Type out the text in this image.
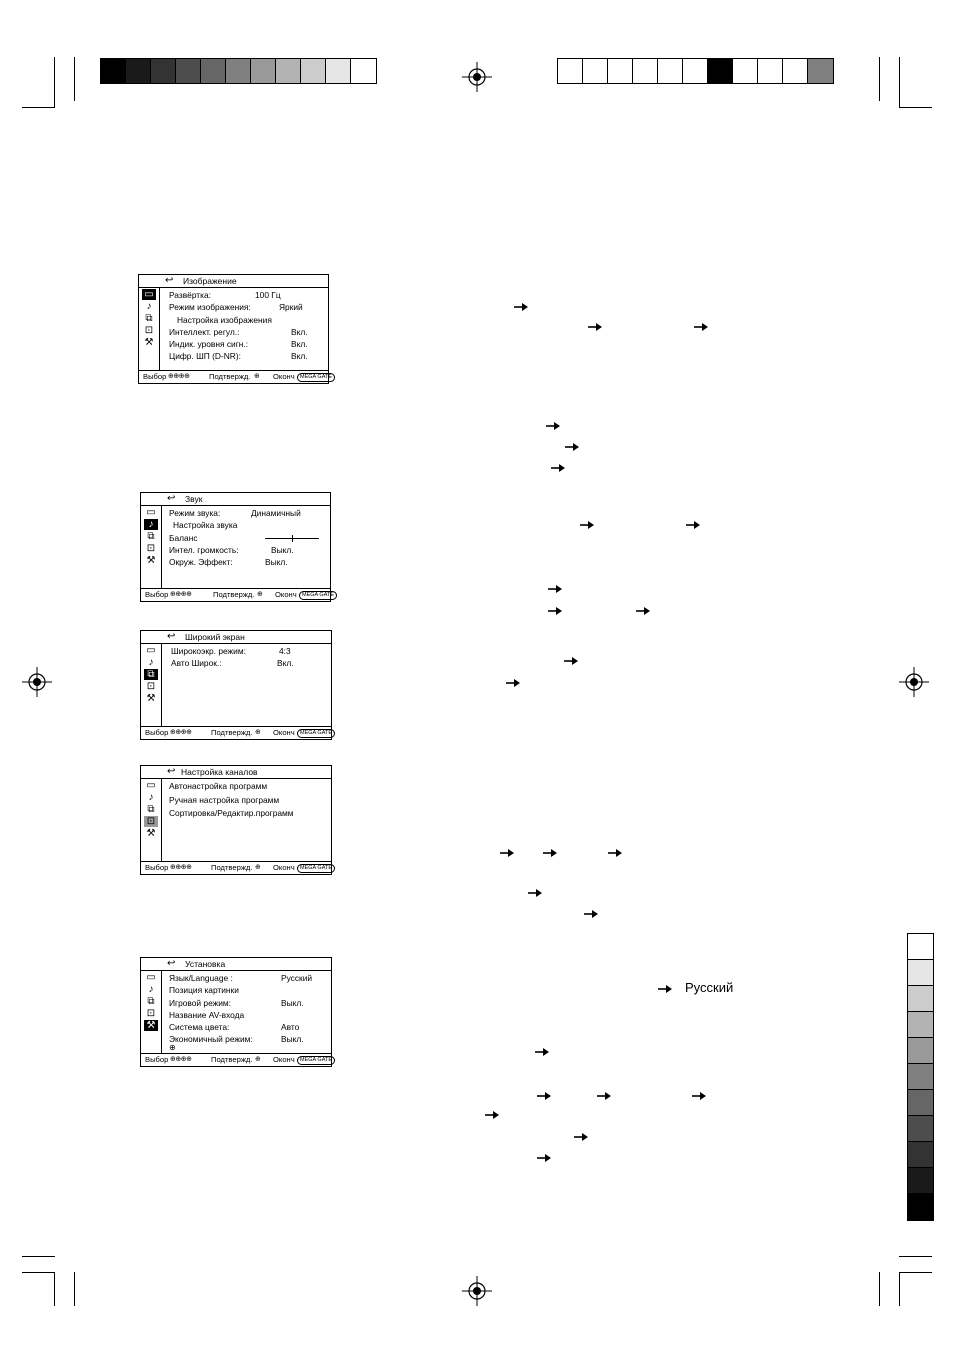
↩	Изображение
▭
♪
⧉
⊡
⚒
Развёртка:	100 Гц
Режим изображения:	Яркий
Настройка изображения
Интеллект. регул.:	Вкл.
Индик. уровня сигн.:	Вкл.
Цифр. ШП (D-NR):	Вкл.
Выбор ⊕⊕⊕⊕	Подтвержд. ⊕ Оконч MEGA GATE
↩	Звук
▭
♪
⧉
⊡
⚒
Режим звука:	Динамичный
Настройка звука
Баланс
Интел. громкость:	Выкл.
Окруж. Эффект:	Выкл.
Выбор ⊕⊕⊕⊕	Подтвержд. ⊕ Оконч MEGA GATE
↩	Широкий экран
▭
♪
⧉
⊡
⚒
Широкоэкр. режим:	4:3
Авто Широк.:	Вкл.
Выбор ⊕⊕⊕⊕	Подтвержд. ⊕ Оконч MEGA GATE
↩ Настройка каналов
▭
♪
⧉
⊡
⚒
Автонастройка программ
Ручная настройка программ
Сортировка/Редактир.программ
Выбор ⊕⊕⊕⊕	Подтвержд. ⊕ Оконч MEGA GATE
↩	Установка
▭
♪
⧉
⊡
⚒
Язык/Language :	Русский
Позиция картинки
Игровой режим:	Выкл.
Название AV-входа
Система цвета:	Авто
Экономичный режим:	Выкл.
⊕
Выбор ⊕⊕⊕⊕	Подтвержд. ⊕ Оконч MEGA GATE
Русский
